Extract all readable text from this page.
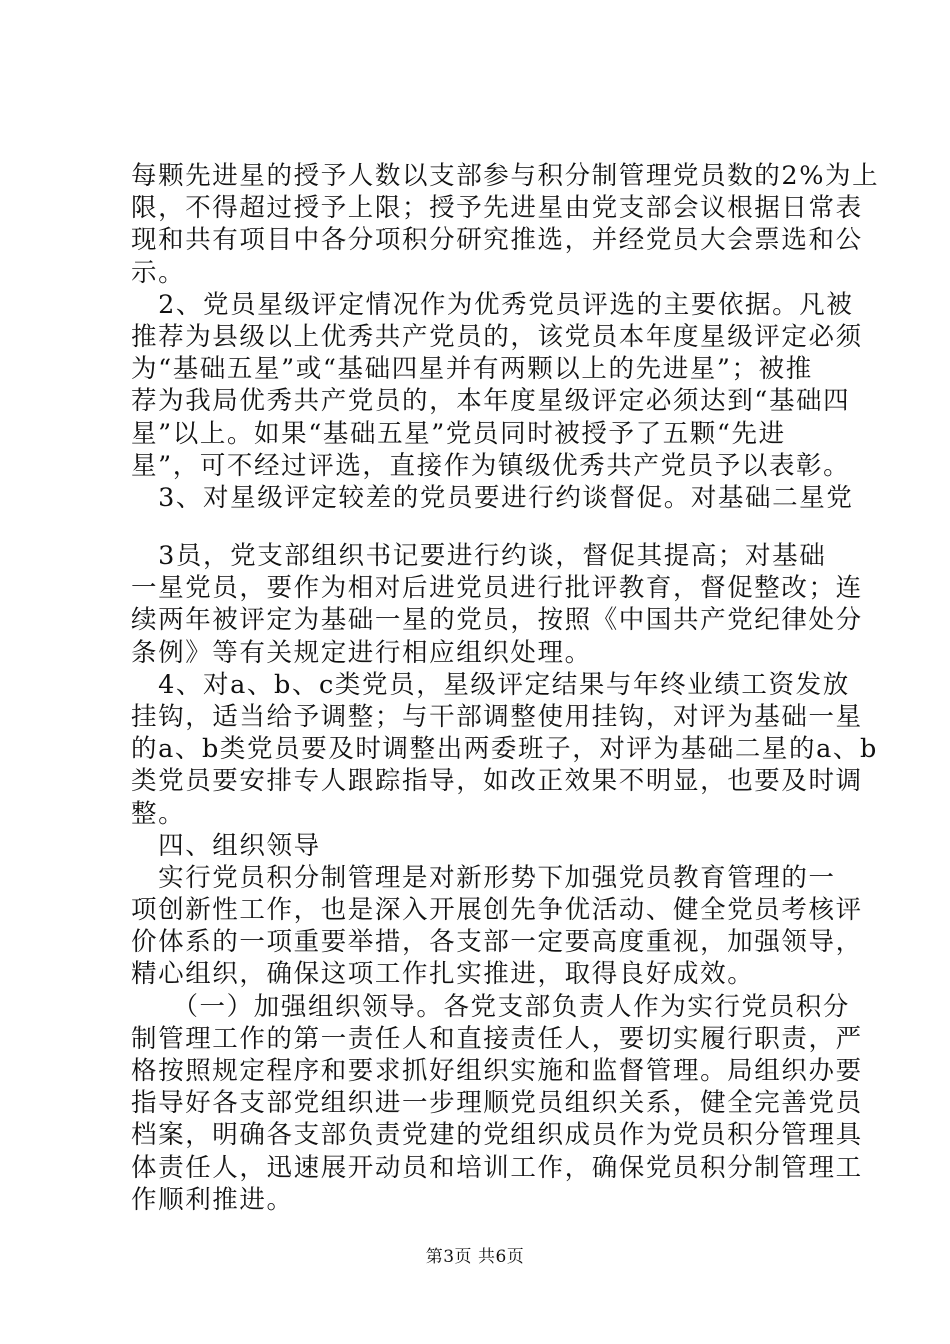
每颗先进星的授予人数以支部参与积分制管理党员数的2%为上
限，不得超过授予上限；授予先进星由党支部会议根据日常表
现和共有项目中各分项积分研究推选，并经党员大会票选和公
示。
　2、党员星级评定情况作为优秀党员评选的主要依据。凡被
推荐为县级以上优秀共产党员的，该党员本年度星级评定必须
为“基础五星”或“基础四星并有两颗以上的先进星”；被推
荐为我局优秀共产党员的，本年度星级评定必须达到“基础四
星”以上。如果“基础五星”党员同时被授予了五颗“先进
星”，可不经过评选，直接作为镇级优秀共产党员予以表彰。
　3、对星级评定较差的党员要进行约谈督促。对基础二星党
　3员，党支部组织书记要进行约谈，督促其提高；对基础
一星党员，要作为相对后进党员进行批评教育，督促整改；连
续两年被评定为基础一星的党员，按照《中国共产党纪律处分
条例》等有关规定进行相应组织处理。
　4、对a、b、c类党员，星级评定结果与年终业绩工资发放
挂钩，适当给予调整；与干部调整使用挂钩，对评为基础一星
的a、b类党员要及时调整出两委班子，对评为基础二星的a、b
类党员要安排专人跟踪指导，如改正效果不明显，也要及时调
整。
　四、组织领导
　实行党员积分制管理是对新形势下加强党员教育管理的一
项创新性工作，也是深入开展创先争优活动、健全党员考核评
价体系的一项重要举措，各支部一定要高度重视，加强领导，
精心组织，确保这项工作扎实推进，取得良好成效。
　　（一）加强组织领导。各党支部负责人作为实行党员积分
制管理工作的第一责任人和直接责任人，要切实履行职责，严
格按照规定程序和要求抓好组织实施和监督管理。局组织办要
指导好各支部党组织进一步理顺党员组织关系，健全完善党员
档案，明确各支部负责党建的党组织成员作为党员积分管理具
体责任人，迅速展开动员和培训工作，确保党员积分制管理工
作顺利推进。
第3页 共6页
